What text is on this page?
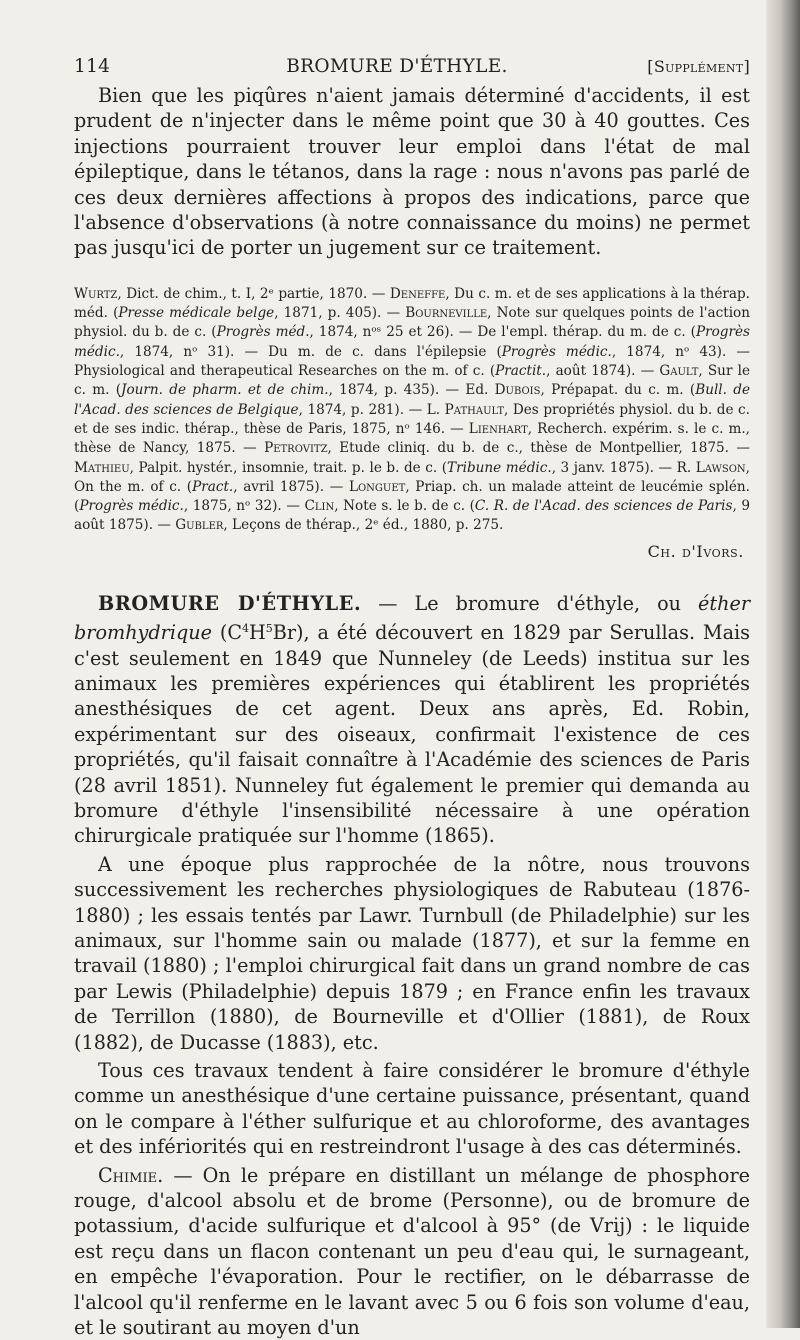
114	BROMURE D'ÉTHYLE.	[Supplément]

Bien que les piqûres n'aient jamais déterminé d'accidents, il est prudent de n'injecter dans le même point que 30 à 40 gouttes. Ces injections pourraient trouver leur emploi dans l'état de mal épileptique, dans le tétanos, dans la rage : nous n'avons pas parlé de ces deux dernières affections à propos des indications, parce que l'absence d'observations (à notre connaissance du moins) ne permet pas jusqu'ici de porter un jugement sur ce traitement.

Wurtz, Dict. de chim., t. I, 2ᵉ partie, 1870. — Deneffe, Du c. m. et de ses applications à la thérap. méd. (Presse médicale belge, 1871, p. 405). — Bourneville, Note sur quelques points de l'action physiol. du b. de c. (Progrès méd., 1874, nᵒˢ 25 et 26). — De l'empl. thérap. du m. de c. (Progrès médic., 1874, nᵒ 31). — Du m. de c. dans l'épilepsie (Progrès médic., 1874, nᵒ 43). — Physiological and therapeutical Researches on the m. of c. (Practit., août 1874). — Gault, Sur le c. m. (Journ. de pharm. et de chim., 1874, p. 435). — Ed. Dubois, Prépapat. du c. m. (Bull. de l'Acad. des sciences de Belgique, 1874, p. 281). — L. Pathault, Des propriétés physiol. du b. de c. et de ses indic. thérap., thèse de Paris, 1875, nᵒ 146. — Lienhart, Recherch. expérim. s. le c. m., thèse de Nancy, 1875. — Petrovitz, Etude cliniq. du b. de c., thèse de Montpellier, 1875. — Mathieu, Palpit. hystér., insomnie, trait. p. le b. de c. (Tribune médic., 3 janv. 1875). — R. Lawson, On the m. of c. (Pract., avril 1875). — Longuet, Priap. ch. un malade atteint de leucémie splén. (Progrès médic., 1875, nᵒ 32). — Clin, Note s. le b. de c. (C. R. de l'Acad. des sciences de Paris, 9 août 1875). — Gubler, Leçons de thérap., 2ᵉ éd., 1880, p. 275.

Ch. d'Ivors.

BROMURE D'ÉTHYLE. — Le bromure d'éthyle, ou éther bromhydrique $(C^4H^5Br)$, a été découvert en 1829 par Serullas. Mais c'est seulement en 1849 que Nunneley (de Leeds) institua sur les animaux les premières expériences qui établirent les propriétés anesthésiques de cet agent. Deux ans après, Ed. Robin, expérimentant sur des oiseaux, confirmait l'existence de ces propriétés, qu'il faisait connaître à l'Académie des sciences de Paris (28 avril 1851). Nunneley fut également le premier qui demanda au bromure d'éthyle l'insensibilité nécessaire à une opération chirurgicale pratiquée sur l'homme (1865).

A une époque plus rapprochée de la nôtre, nous trouvons successivement les recherches physiologiques de Rabuteau (1876-1880) ; les essais tentés par Lawr. Turnbull (de Philadelphie) sur les animaux, sur l'homme sain ou malade (1877), et sur la femme en travail (1880) ; l'emploi chirurgical fait dans un grand nombre de cas par Lewis (Philadelphie) depuis 1879 ; en France enfin les travaux de Terrillon (1880), de Bourneville et d'Ollier (1881), de Roux (1882), de Ducasse (1883), etc.

Tous ces travaux tendent à faire considérer le bromure d'éthyle comme un anesthésique d'une certaine puissance, présentant, quand on le compare à l'éther sulfurique et au chloroforme, des avantages et des infériorités qui en restreindront l'usage à des cas déterminés.

Chimie. — On le prépare en distillant un mélange de phosphore rouge, d'alcool absolu et de brome (Personne), ou de bromure de potassium, d'acide sulfurique et d'alcool à 95° (de Vrij) : le liquide est reçu dans un flacon contenant un peu d'eau qui, le surnageant, en empêche l'évaporation. Pour le rectifier, on le débarrasse de l'alcool qu'il renferme en le lavant avec 5 ou 6 fois son volume d'eau, et le soutirant au moyen d'un
